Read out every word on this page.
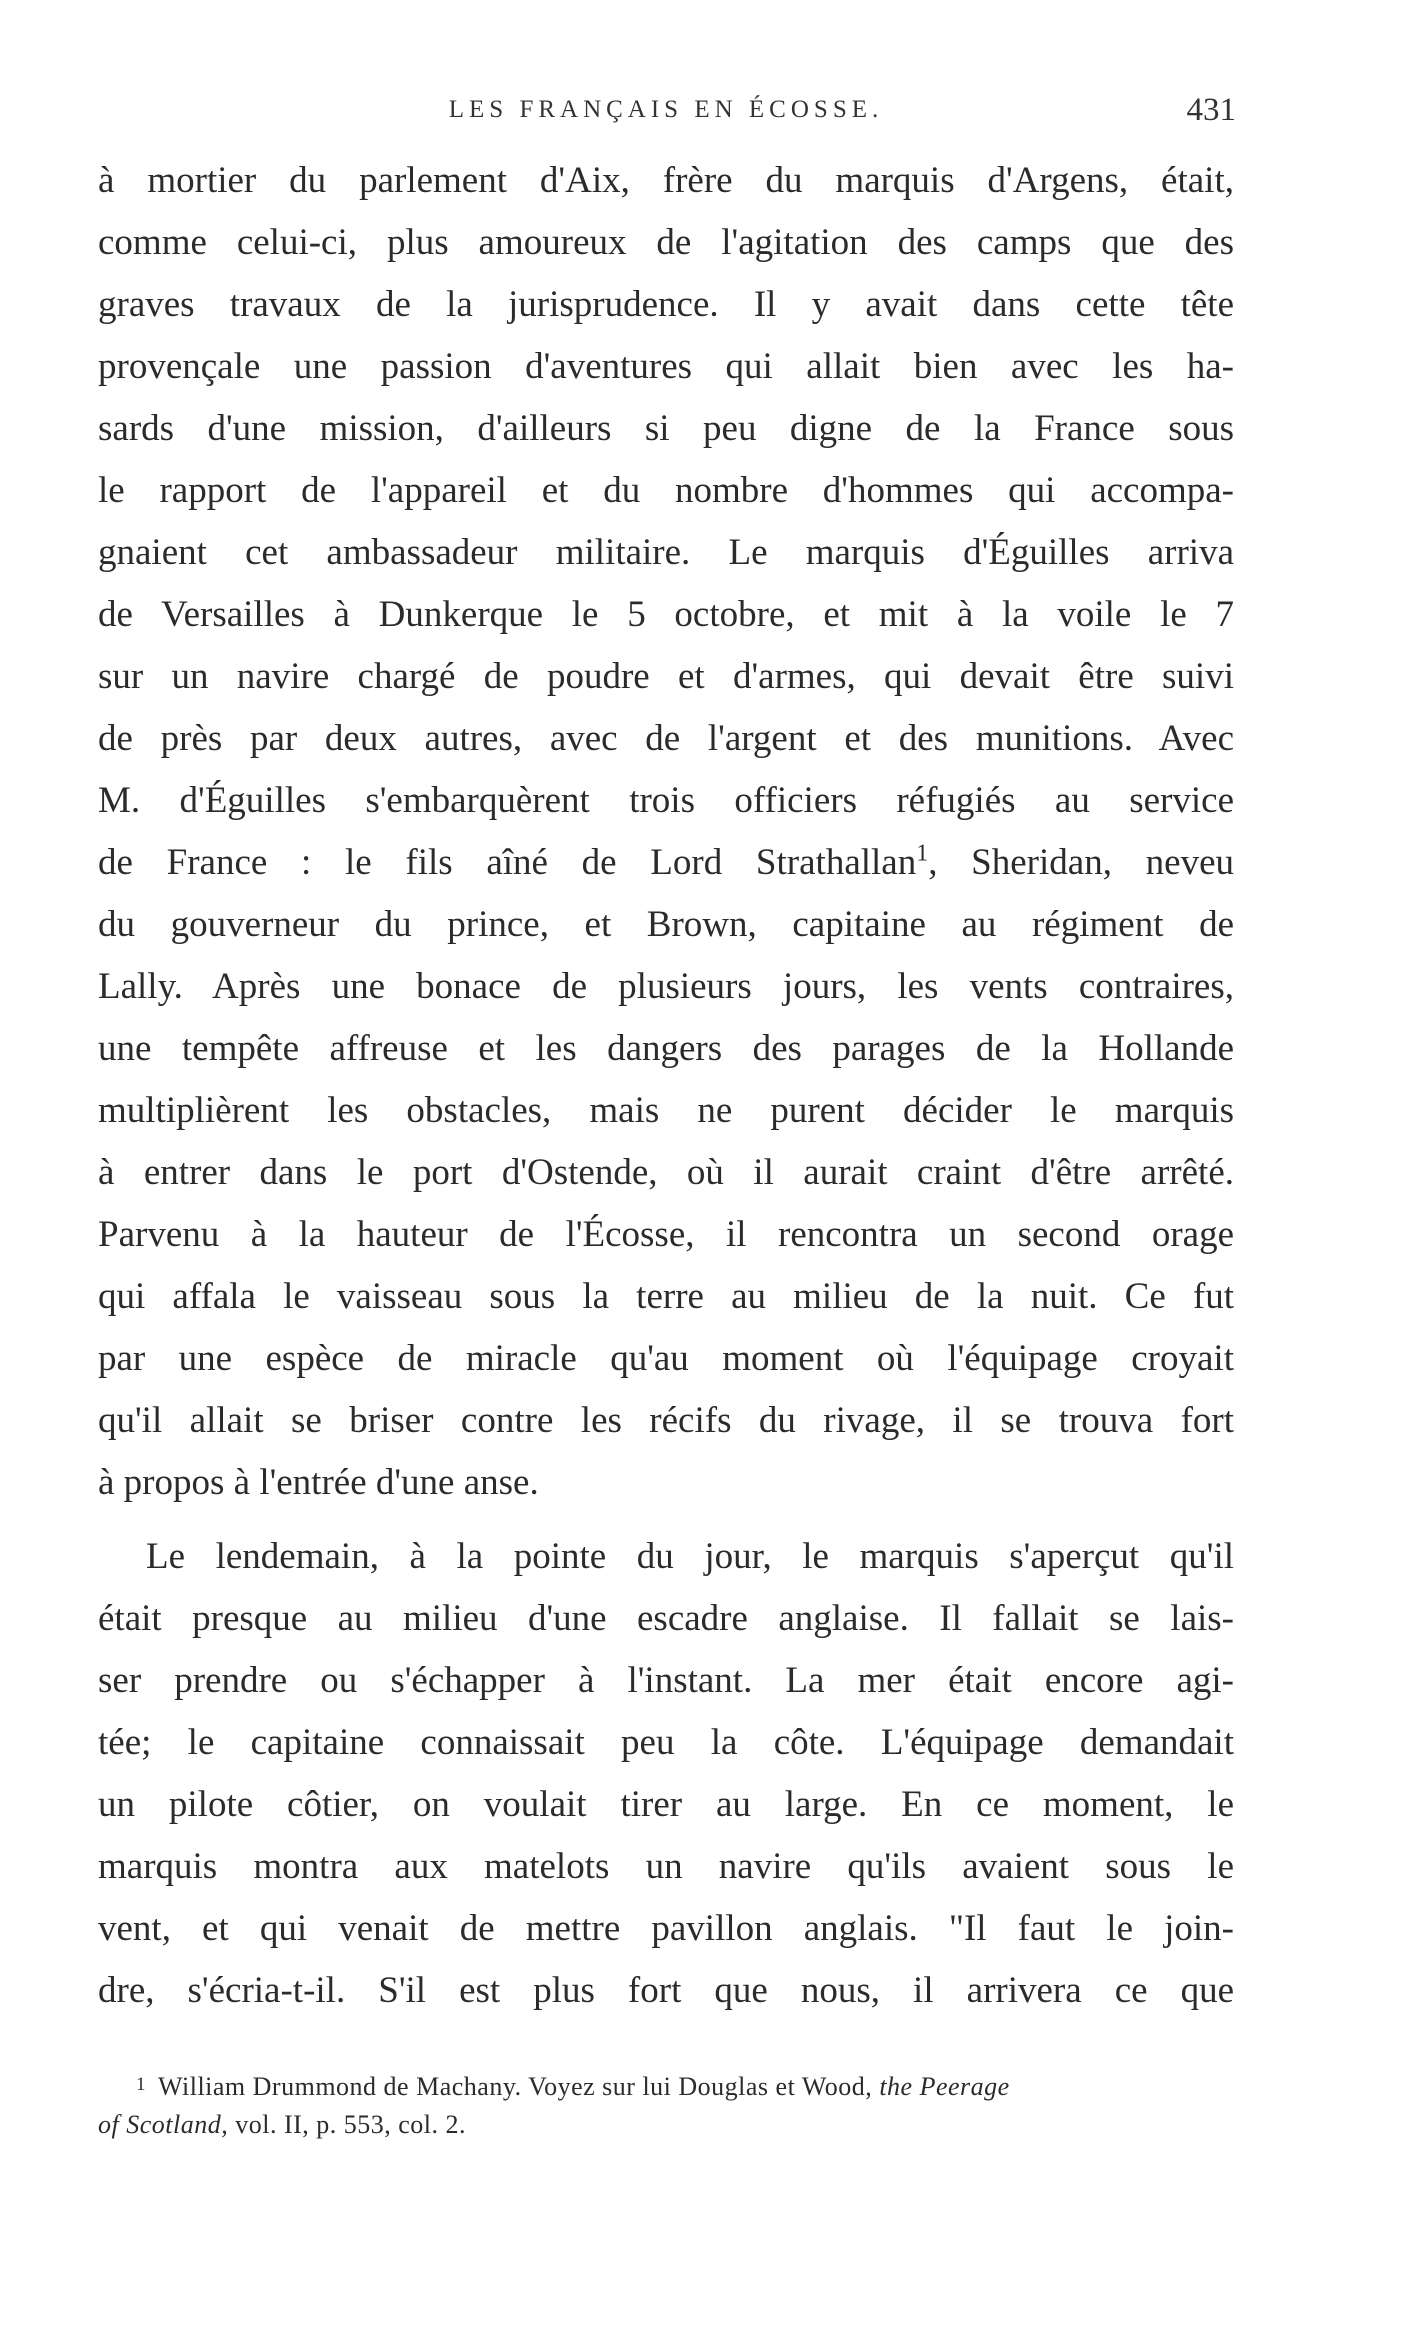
LES FRANÇAIS EN ÉCOSSE.	431
à mortier du parlement d'Aix, frère du marquis d'Argens, était,
comme celui-ci, plus amoureux de l'agitation des camps que des
graves travaux de la jurisprudence. Il y avait dans cette tête
provençale une passion d'aventures qui allait bien avec les ha-
sards d'une mission, d'ailleurs si peu digne de la France sous
le rapport de l'appareil et du nombre d'hommes qui accompa-
gnaient cet ambassadeur militaire. Le marquis d'Éguilles arriva
de Versailles à Dunkerque le 5 octobre, et mit à la voile le 7
sur un navire chargé de poudre et d'armes, qui devait être suivi
de près par deux autres, avec de l'argent et des munitions. Avec
M. d'Éguilles s'embarquèrent trois officiers réfugiés au service
de France : le fils aîné de Lord Strathallan$^1$, Sheridan, neveu
du gouverneur du prince, et Brown, capitaine au régiment de
Lally. Après une bonace de plusieurs jours, les vents contraires,
une tempête affreuse et les dangers des parages de la Hollande
multiplièrent les obstacles, mais ne purent décider le marquis
à entrer dans le port d'Ostende, où il aurait craint d'être arrêté.
Parvenu à la hauteur de l'Écosse, il rencontra un second orage
qui affala le vaisseau sous la terre au milieu de la nuit. Ce fut
par une espèce de miracle qu'au moment où l'équipage croyait
qu'il allait se briser contre les récifs du rivage, il se trouva fort
à propos à l'entrée d'une anse.
Le lendemain, à la pointe du jour, le marquis s'aperçut qu'il
était presque au milieu d'une escadre anglaise. Il fallait se lais-
ser prendre ou s'échapper à l'instant. La mer était encore agi-
tée; le capitaine connaissait peu la côte. L'équipage demandait
un pilote côtier, on voulait tirer au large. En ce moment, le
marquis montra aux matelots un navire qu'ils avaient sous le
vent, et qui venait de mettre pavillon anglais. "Il faut le join-
dre, s'écria-t-il. S'il est plus fort que nous, il arrivera ce que
1 William Drummond de Machany. Voyez sur lui Douglas et Wood, the Peerage
of Scotland, vol. II, p. 553, col. 2.
